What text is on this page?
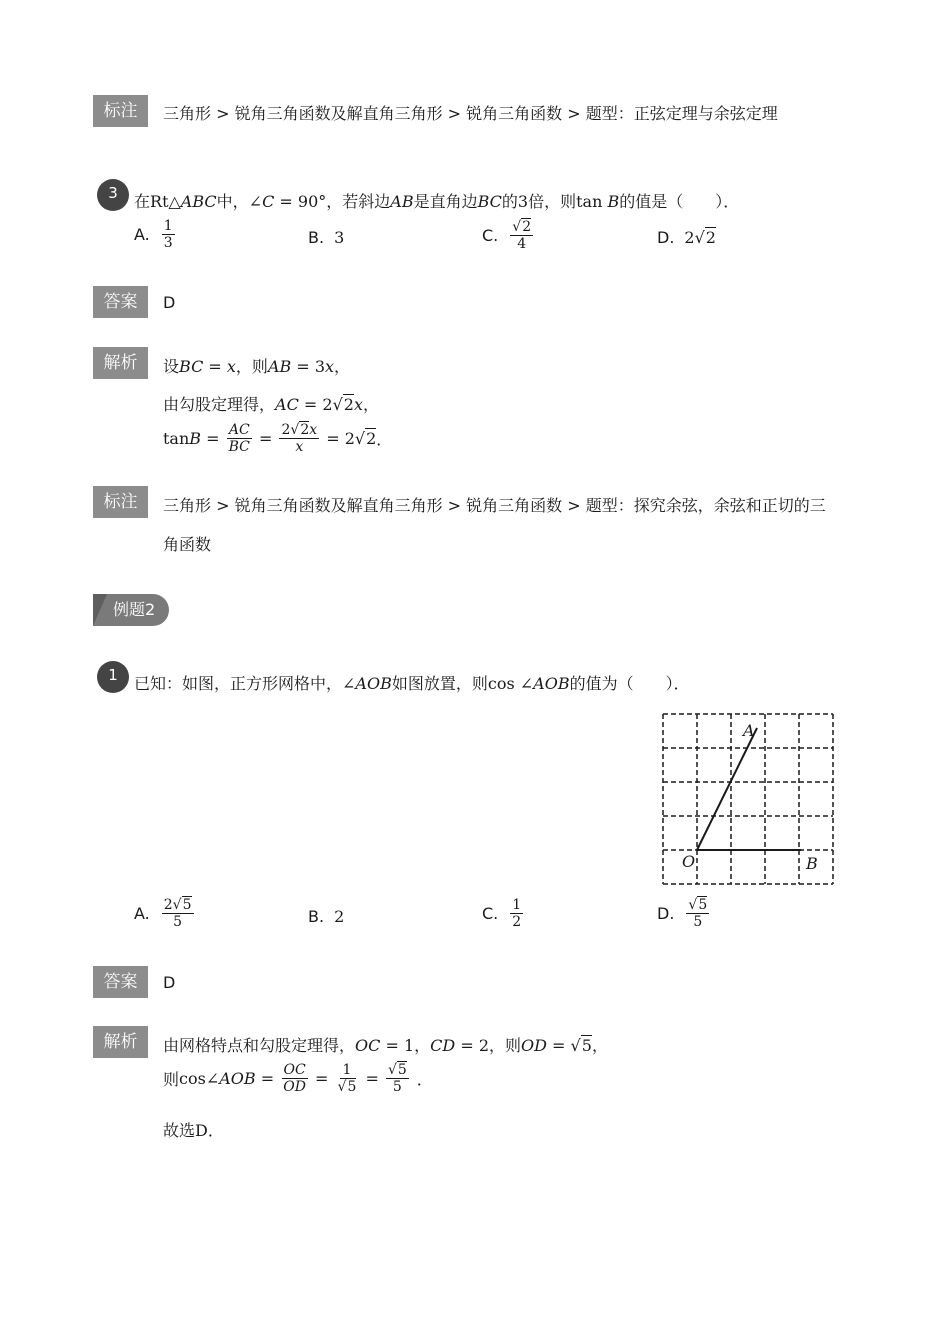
标注	三角形 > 锐角三角函数及解直角三角形 > 锐角三角函数 > 题型：正弦定理与余弦定理
3	在Rt△ABC中，∠C = 90°，若斜边AB是直角边BC的3倍，则tan B的值是（　　）．
A. $\frac{1}{3}$	B. 3	C. $\frac{√2}{4}$	D. 2 √2
答案	D
解析	设BC = x，则AB = 3x，
由勾股定理得，AC = 2√2x，
$\tan B = \frac{AC}{BC} = \frac{2√2x}{x} = 2$ √2 ．
标注	三角形 > 锐角三角函数及解直角三角形 > 锐角三角函数 > 题型：探究余弦，余弦和正切的三
角函数
例题2
1	已知：如图，正方形网格中，∠AOB如图放置，则cos ∠AOB的值为（　　）．
A
O	B
A. $\frac{2√5}{5}$	B. 2	C. $\frac{1}{2}$	D. $\frac{√5}{5}$
答案	D
解析	由网格特点和勾股定理得，OC = 1，CD = 2，则OD = √5，
则 cos ∠ AOB = $\frac{OC}{OD} = \frac{1}{√5} = \frac{√5}{5}$ ．
故选D．
